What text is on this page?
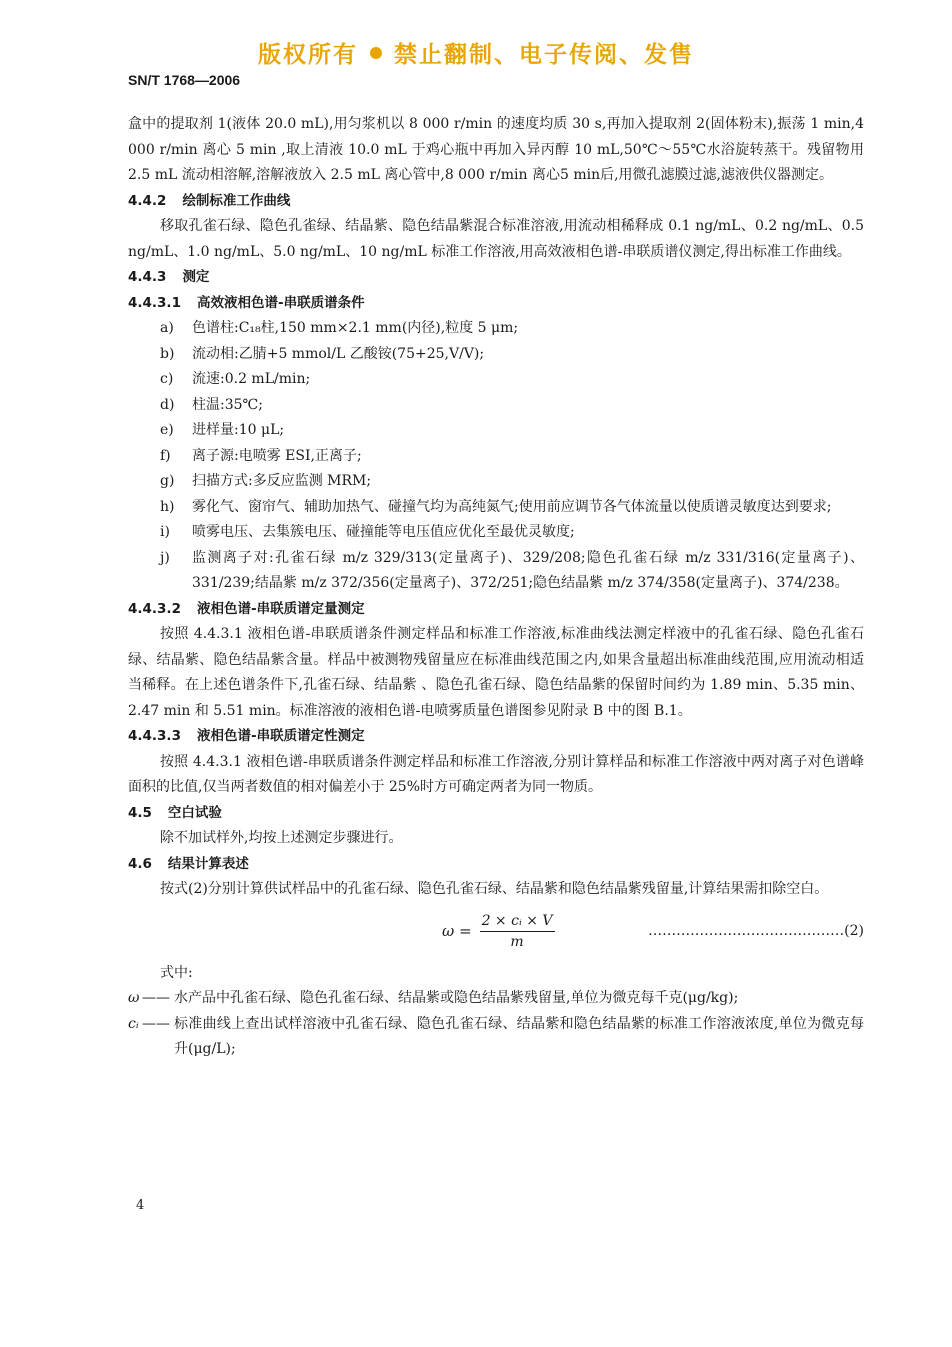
版权所有 禁止翻制、电子传阅、发售
SN/T 1768—2006

盒中的提取剂 1(液体 20.0 mL),用匀浆机以 8 000 r/min 的速度均质 30 s,再加入提取剂 2(固体粉末),振荡 1 min,4 000 r/min 离心 5 min ,取上清液 10.0 mL 于鸡心瓶中再加入异丙醇 10 mL,50℃～55℃水浴旋转蒸干。残留物用 2.5 mL 流动相溶解,溶解液放入 2.5 mL 离心管中,8 000 r/min 离心5 min后,用微孔滤膜过滤,滤液供仪器测定。

4.4.2 绘制标准工作曲线

移取孔雀石绿、隐色孔雀绿、结晶紫、隐色结晶紫混合标准溶液,用流动相稀释成 0.1 ng/mL、0.2 ng/mL、0.5 ng/mL、1.0 ng/mL、5.0 ng/mL、10 ng/mL 标准工作溶液,用高效液相色谱-串联质谱仪测定,得出标准工作曲线。

4.4.3 测定
4.4.3.1 高效液相色谱-串联质谱条件
a)	色谱柱:C₁₈柱,150 mm×2.1 mm(内径),粒度 5 μm;
b)	流动相:乙腈+5 mmol/L 乙酸铵(75+25,V/V);
c)	流速:0.2 mL/min;
d)	柱温:35℃;
e)	进样量:10 μL;
f)	离子源:电喷雾 ESI,正离子;
g)	扫描方式:多反应监测 MRM;
h)	雾化气、窗帘气、辅助加热气、碰撞气均为高纯氮气;使用前应调节各气体流量以使质谱灵敏度达到要求;
i)	喷雾电压、去集簇电压、碰撞能等电压值应优化至最优灵敏度;
j)	监测离子对:孔雀石绿 m/z 329/313(定量离子)、329/208;隐色孔雀石绿 m/z 331/316(定量离子)、331/239;结晶紫 m/z 372/356(定量离子)、372/251;隐色结晶紫 m/z 374/358(定量离子)、374/238。
4.4.3.2 液相色谱-串联质谱定量测定

按照 4.4.3.1 液相色谱-串联质谱条件测定样品和标准工作溶液,标准曲线法测定样液中的孔雀石绿、隐色孔雀石绿、结晶紫、隐色结晶紫含量。样品中被测物残留量应在标准曲线范围之内,如果含量超出标准曲线范围,应用流动相适当稀释。在上述色谱条件下,孔雀石绿、结晶紫 、隐色孔雀石绿、隐色结晶紫的保留时间约为 1.89 min、5.35 min、2.47 min 和 5.51 min。标准溶液的液相色谱-电喷雾质量色谱图参见附录 B 中的图 B.1。

4.4.3.3 液相色谱-串联质谱定性测定

按照 4.4.3.1 液相色谱-串联质谱条件测定样品和标准工作溶液,分别计算样品和标准工作溶液中两对离子对色谱峰面积的比值,仅当两者数值的相对偏差小于 25%时方可确定两者为同一物质。

4.5 空白试验

除不加试样外,均按上述测定步骤进行。

4.6 结果计算表述

按式(2)分别计算供试样品中的孔雀石绿、隐色孔雀石绿、结晶紫和隐色结晶紫残留量,计算结果需扣除空白。

$\omega = \frac{\text{2 × cᵢ × V}}{m}$	……………………………………(2)

式中:

ω —— 水产品中孔雀石绿、隐色孔雀石绿、结晶紫或隐色结晶紫残留量,单位为微克每千克(μg/kg);
cᵢ —— 标准曲线上查出试样溶液中孔雀石绿、隐色孔雀石绿、结晶紫和隐色结晶紫的标准工作溶液浓度,单位为微克每升(μg/L);
4
